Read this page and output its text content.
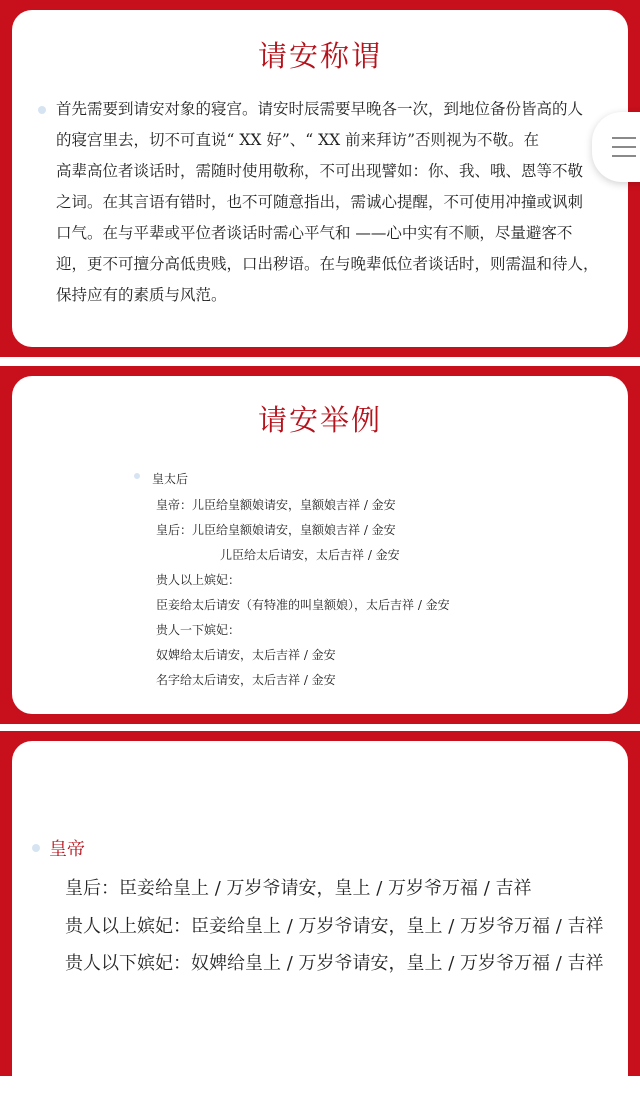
请安称谓
首先需要到请安对象的寝宫。请安时辰需要早晚各一次，到地位备份皆高的人
的寝宫里去，切不可直说“ XX 好”、“ XX 前来拜访”否则视为不敬。在
高辈高位者谈话时，需随时使用敬称，不可出现譬如：你、我、哦、恩等不敬
之词。在其言语有错时，也不可随意指出，需诚心提醒，不可使用冲撞或讽刺
口气。在与平辈或平位者谈话时需心平气和 ——心中实有不顺，尽量避客不
迎，更不可擅分高低贵贱，口出秽语。在与晚辈低位者谈话时，则需温和待人，
保持应有的素质与风范。
请安举例
皇太后
皇帝：儿臣给皇额娘请安，皇额娘吉祥 / 金安
皇后：儿臣给皇额娘请安，皇额娘吉祥 / 金安
儿臣给太后请安，太后吉祥 / 金安
贵人以上嫔妃：
臣妾给太后请安（有特准的叫皇额娘），太后吉祥 / 金安
贵人一下嫔妃：
奴婢给太后请安，太后吉祥 / 金安
名字给太后请安，太后吉祥 / 金安
皇帝
皇后：臣妾给皇上 / 万岁爷请安，皇上 / 万岁爷万福 / 吉祥
贵人以上嫔妃：臣妾给皇上 / 万岁爷请安，皇上 / 万岁爷万福 / 吉祥
贵人以下嫔妃：奴婢给皇上 / 万岁爷请安，皇上 / 万岁爷万福 / 吉祥
